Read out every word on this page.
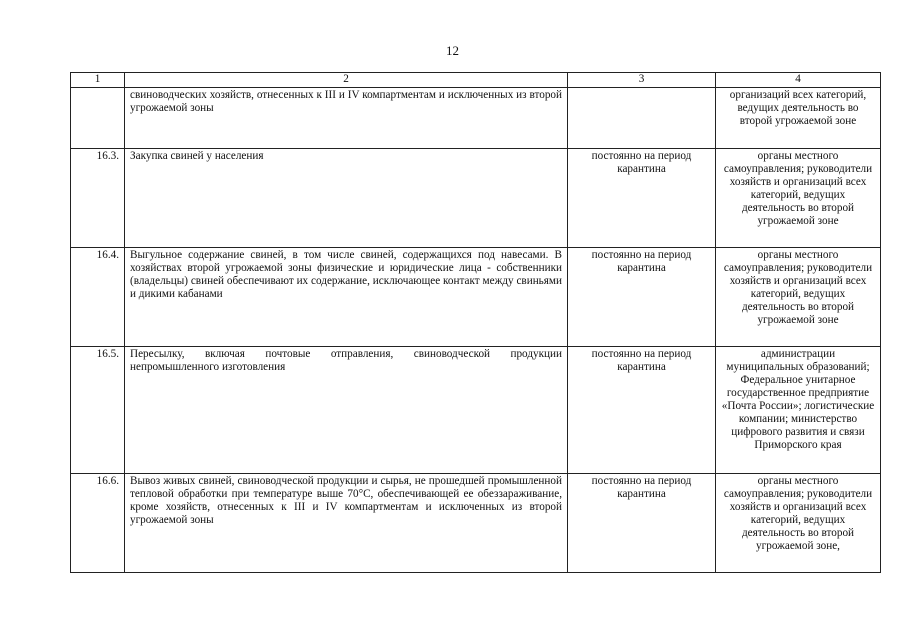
12
1	2	3	4
	свиноводческих хозяйств, отнесенных к III и IV компартментам и исключенных из второй угрожаемой зоны		организаций всех категорий, ведущих деятельность во второй угрожаемой зоне
16.3.	Закупка свиней у населения	постоянно на период карантина	органы местного самоуправления; руководители хозяйств и организаций всех категорий, ведущих деятельность во второй угрожаемой зоне
16.4.	Выгульное содержание свиней, в том числе свиней, содержащихся под навесами. В хозяйствах второй угрожаемой зоны физические и юридические лица - собственники (владельцы) свиней обеспечивают их содержание, исключающее контакт между свиньями и дикими кабанами	постоянно на период карантина	органы местного самоуправления; руководители хозяйств и организаций всех категорий, ведущих деятельность во второй угрожаемой зоне
16.5.	Пересылку, включая почтовые отправления, свиноводческой продукции непромышленного изготовления	постоянно на период карантина	администрации муниципальных образований; Федеральное унитарное государственное предприятие «Почта России»; логистические компании; министерство цифрового развития и связи Приморского края
16.6.	Вывоз живых свиней, свиноводческой продукции и сырья, не прошедшей промышленной тепловой обработки при температуре выше 70°С, обеспечивающей ее обеззараживание, кроме хозяйств, отнесенных к III и IV компартментам и исключенных из второй угрожаемой зоны	постоянно на период карантина	органы местного самоуправления; руководители хозяйств и организаций всех категорий, ведущих деятельность во второй угрожаемой зоне,
